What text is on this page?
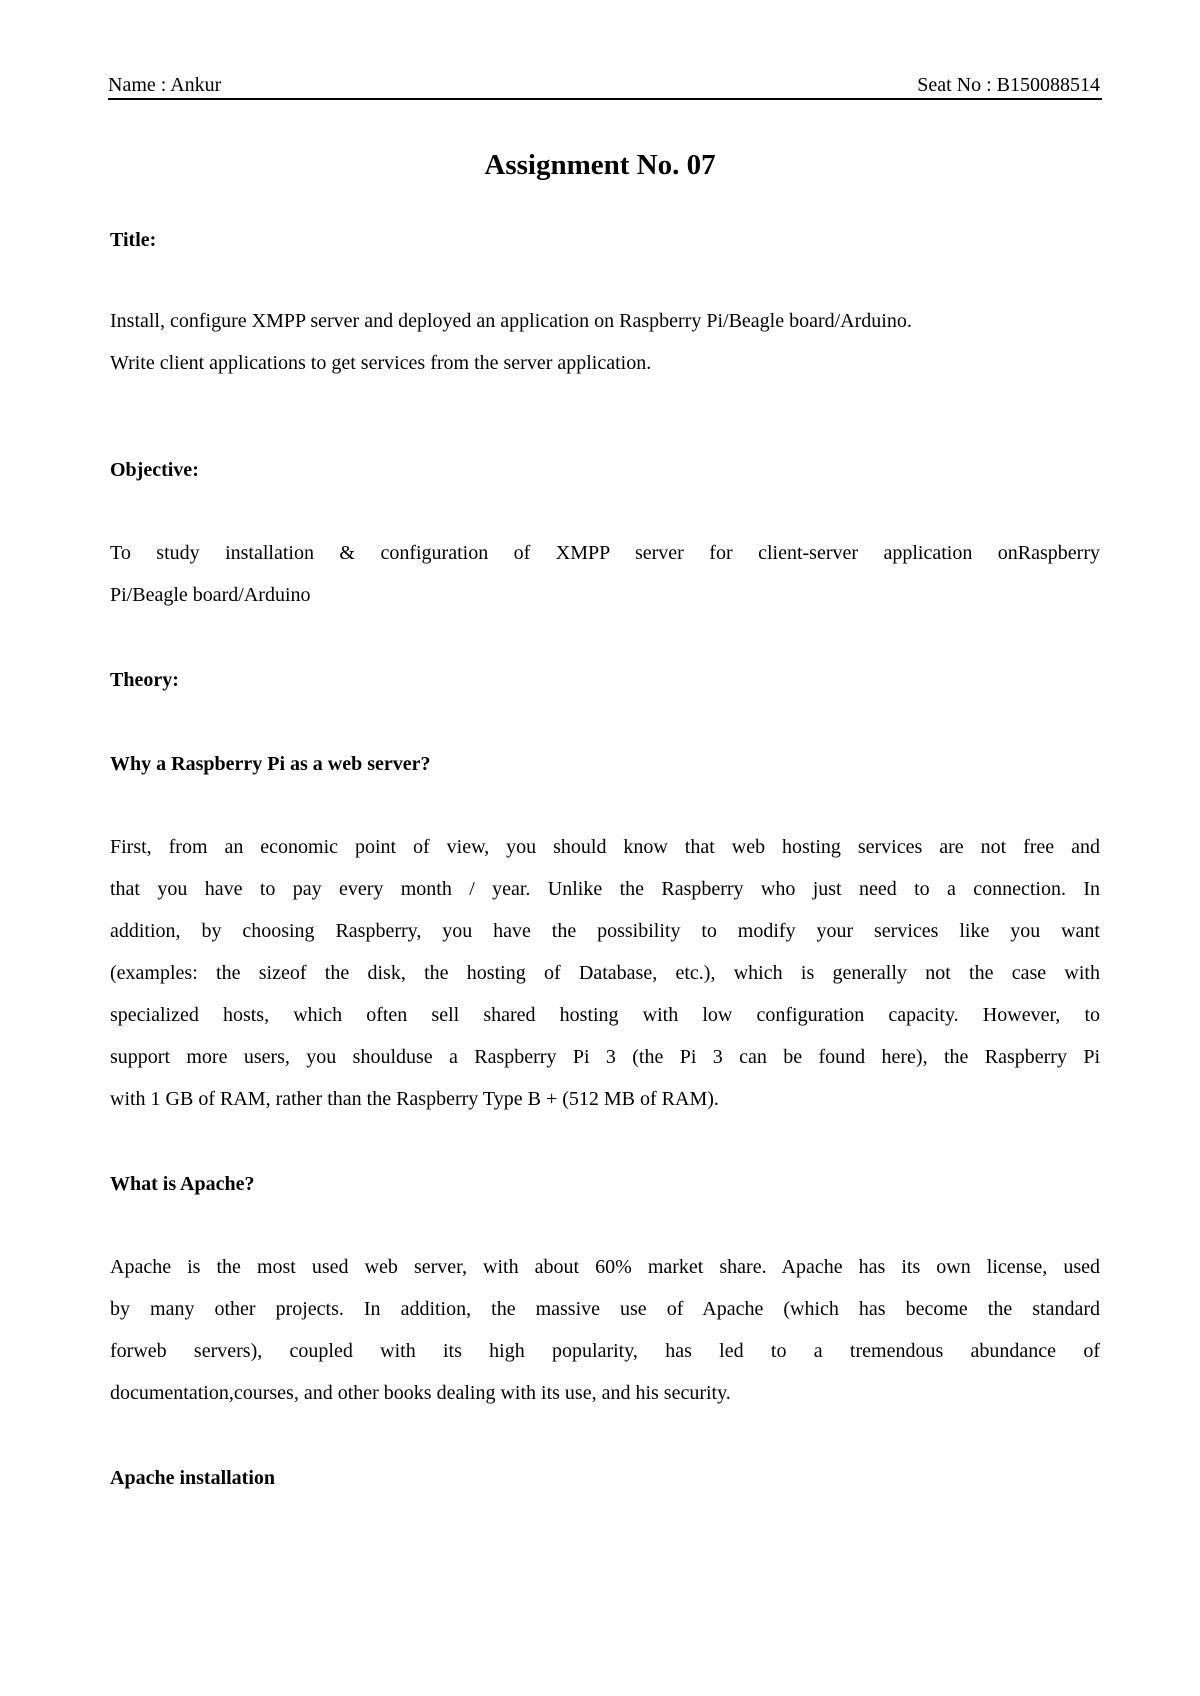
Name : Ankur	Seat No : B150088514
Assignment No. 07
Title:
Install, configure XMPP server and deployed an application on Raspberry Pi/Beagle board/Arduino.
Write client applications to get services from the server application.
Objective:
To study installation & configuration of XMPP server for client-server application onRaspberry
Pi/Beagle board/Arduino
Theory:
Why a Raspberry Pi as a web server?
First, from an economic point of view, you should know that web hosting services are not free and
that you have to pay every month / year. Unlike the Raspberry who just need to a connection. In
addition, by choosing Raspberry, you have the possibility to modify your services like you want
(examples: the sizeof the disk, the hosting of Database, etc.), which is generally not the case with
specialized hosts, which often sell shared hosting with low configuration capacity. However, to
support more users, you shoulduse a Raspberry Pi 3 (the Pi 3 can be found here), the Raspberry Pi
with 1 GB of RAM, rather than the Raspberry Type B + (512 MB of RAM).
What is Apache?
Apache is the most used web server, with about 60% market share. Apache has its own license, used
by many other projects. In addition, the massive use of Apache (which has become the standard
forweb servers), coupled with its high popularity, has led to a tremendous abundance of
documentation,courses, and other books dealing with its use, and his security.
Apache installation
